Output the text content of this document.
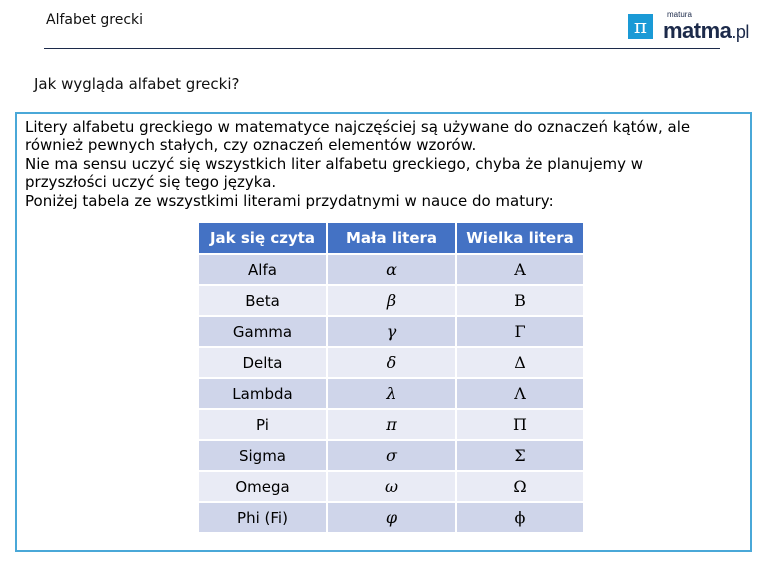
Alfabet grecki	π	matura
matma.pl
Jak wygląda alfabet grecki?
Litery alfabetu greckiego w matematyce najczęściej są używane do oznaczeń kątów, ale
również pewnych stałych, czy oznaczeń elementów wzorów.
Nie ma sensu uczyć się wszystkich liter alfabetu greckiego, chyba że planujemy w
przyszłości uczyć się tego języka.
Poniżej tabela ze wszystkimi literami przydatnymi w nauce do matury:
Jak się czyta	Mała litera	Wielka litera
Alfa	α	Α
Beta	β	Β
Gamma	γ	Γ
Delta	δ	Δ
Lambda	λ	Λ
Pi	π	Π
Sigma	σ	Σ
Omega	ω	Ω
Phi (Fi)	φ	ϕ
